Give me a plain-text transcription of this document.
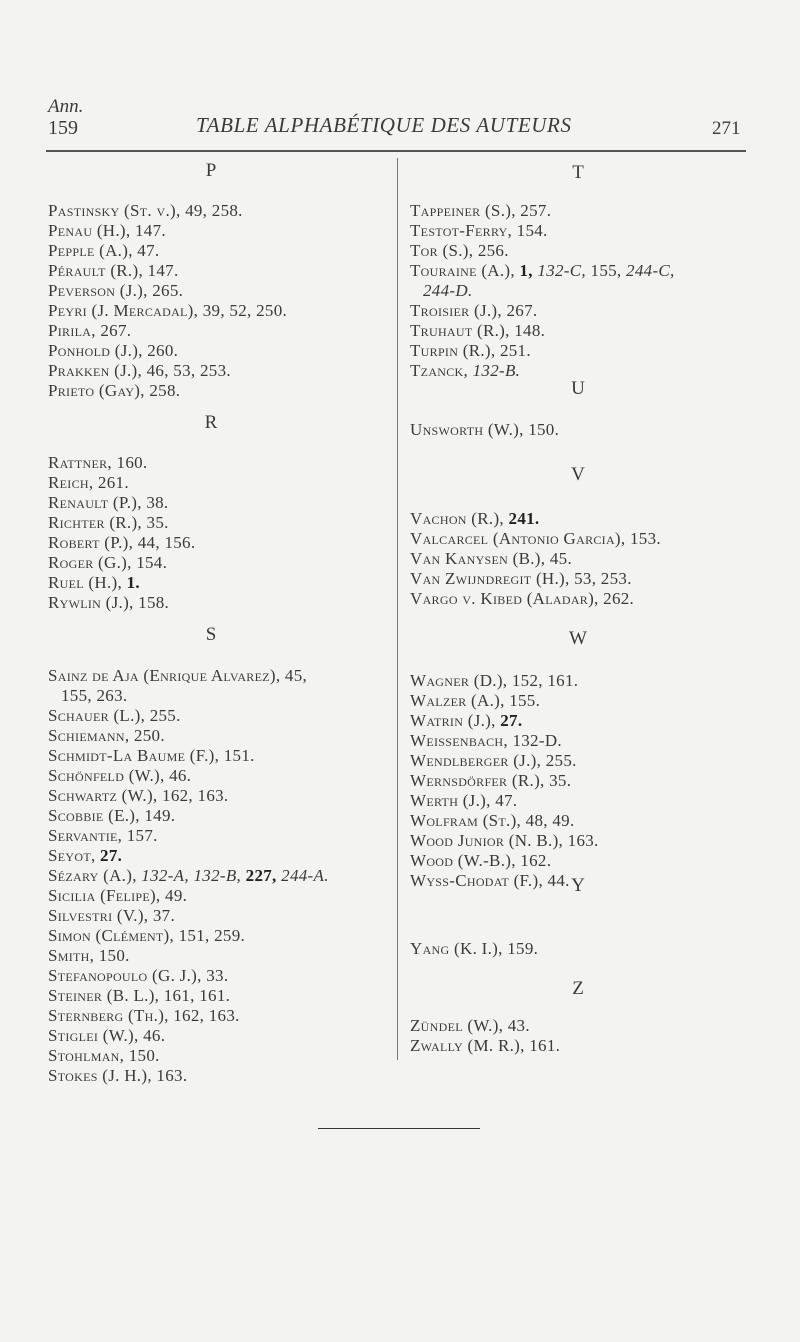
Ann.
159	TABLE ALPHABÉTIQUE DES AUTEURS	271
P
Pastinsky (St. v.), 49, 258.
Penau (H.), 147.
Pepple (A.), 47.
Pérault (R.), 147.
Peverson (J.), 265.
Peyri (J. Mercadal), 39, 52, 250.
Pirila, 267.
Ponhold (J.), 260.
Prakken (J.), 46, 53, 253.
Prieto (Gay), 258.
R
Rattner, 160.
Reich, 261.
Renault (P.), 38.
Richter (R.), 35.
Robert (P.), 44, 156.
Roger (G.), 154.
Ruel (H.), 1.
Rywlin (J.), 158.
S
Sainz de Aja (Enrique Alvarez), 45,
155, 263.
Schauer (L.), 255.
Schiemann, 250.
Schmidt-La Baume (F.), 151.
Schönfeld (W.), 46.
Schwartz (W.), 162, 163.
Scobbie (E.), 149.
Servantie, 157.
Seyot, 27.
Sézary (A.), 132-A, 132-B, 227, 244-A.
Sicilia (Felipe), 49.
Silvestri (V.), 37.
Simon (Clément), 151, 259.
Smith, 150.
Stefanopoulo (G. J.), 33.
Steiner (B. L.), 161, 161.
Sternberg (Th.), 162, 163.
Stiglei (W.), 46.
Stohlman, 150.
Stokes (J. H.), 163.
T
Tappeiner (S.), 257.
Testot-Ferry, 154.
Tor (S.), 256.
Touraine (A.), 1, 132-C, 155, 244-C,
244-D.
Troisier (J.), 267.
Truhaut (R.), 148.
Turpin (R.), 251.
Tzanck, 132-B.
U
Unsworth (W.), 150.
V
Vachon (R.), 241.
Valcarcel (Antonio Garcia), 153.
Van Kanysen (B.), 45.
Van Zwijndregit (H.), 53, 253.
Vargo v. Kibed (Aladar), 262.
W
Wagner (D.), 152, 161.
Walzer (A.), 155.
Watrin (J.), 27.
Weissenbach, 132-D.
Wendlberger (J.), 255.
Wernsdörfer (R.), 35.
Werth (J.), 47.
Wolfram (St.), 48, 49.
Wood Junior (N. B.), 163.
Wood (W.-B.), 162.
Wyss-Chodat (F.), 44. Y
Yang (K. I.), 159.
Z
Zündel (W.), 43.
Zwally (M. R.), 161.
